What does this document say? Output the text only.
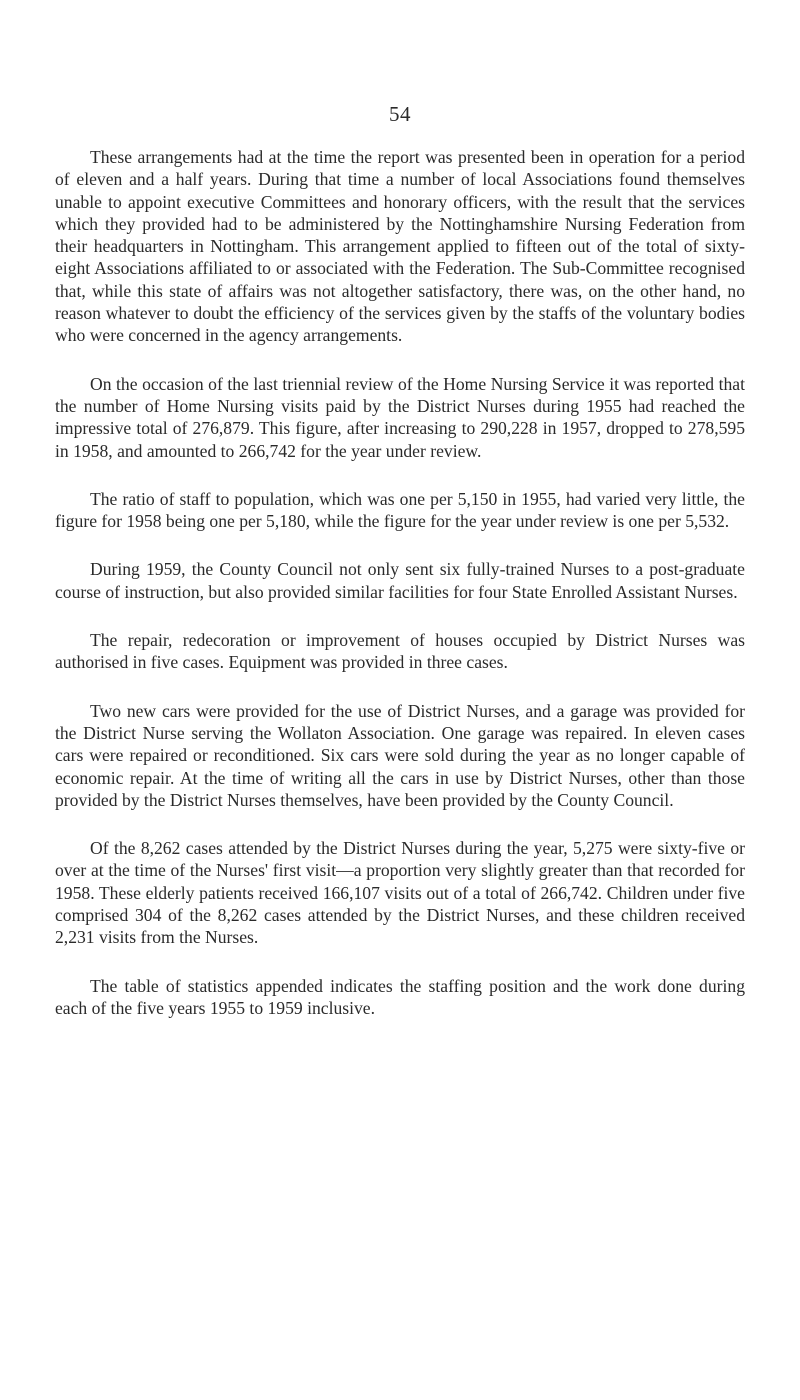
54

These arrangements had at the time the report was presented been in operation for a period of eleven and a half years. During that time a number of local Associations found themselves unable to appoint executive Committees and honorary officers, with the result that the services which they provided had to be administered by the Nottinghamshire Nursing Federation from their headquarters in Nottingham. This arrangement applied to fifteen out of the total of sixty-eight Associations affiliated to or associated with the Federation. The Sub-Committee recognised that, while this state of affairs was not altogether satisfactory, there was, on the other hand, no reason whatever to doubt the efficiency of the services given by the staffs of the voluntary bodies who were concerned in the agency arrangements.

On the occasion of the last triennial review of the Home Nursing Service it was reported that the number of Home Nursing visits paid by the District Nurses during 1955 had reached the impressive total of 276,879. This figure, after increasing to 290,228 in 1957, dropped to 278,595 in 1958, and amounted to 266,742 for the year under review.

The ratio of staff to population, which was one per 5,150 in 1955, had varied very little, the figure for 1958 being one per 5,180, while the figure for the year under review is one per 5,532.

During 1959, the County Council not only sent six fully-trained Nurses to a post-graduate course of instruction, but also provided similar facilities for four State Enrolled Assistant Nurses.

The repair, redecoration or improvement of houses occupied by District Nurses was authorised in five cases. Equipment was provided in three cases.

Two new cars were provided for the use of District Nurses, and a garage was provided for the District Nurse serving the Wollaton Association. One garage was repaired. In eleven cases cars were repaired or reconditioned. Six cars were sold during the year as no longer capable of economic repair. At the time of writing all the cars in use by District Nurses, other than those provided by the District Nurses themselves, have been provided by the County Council.

Of the 8,262 cases attended by the District Nurses during the year, 5,275 were sixty-five or over at the time of the Nurses' first visit—a proportion very slightly greater than that recorded for 1958. These elderly patients received 166,107 visits out of a total of 266,742. Children under five comprised 304 of the 8,262 cases attended by the District Nurses, and these children received 2,231 visits from the Nurses.

The table of statistics appended indicates the staffing position and the work done during each of the five years 1955 to 1959 inclusive.
